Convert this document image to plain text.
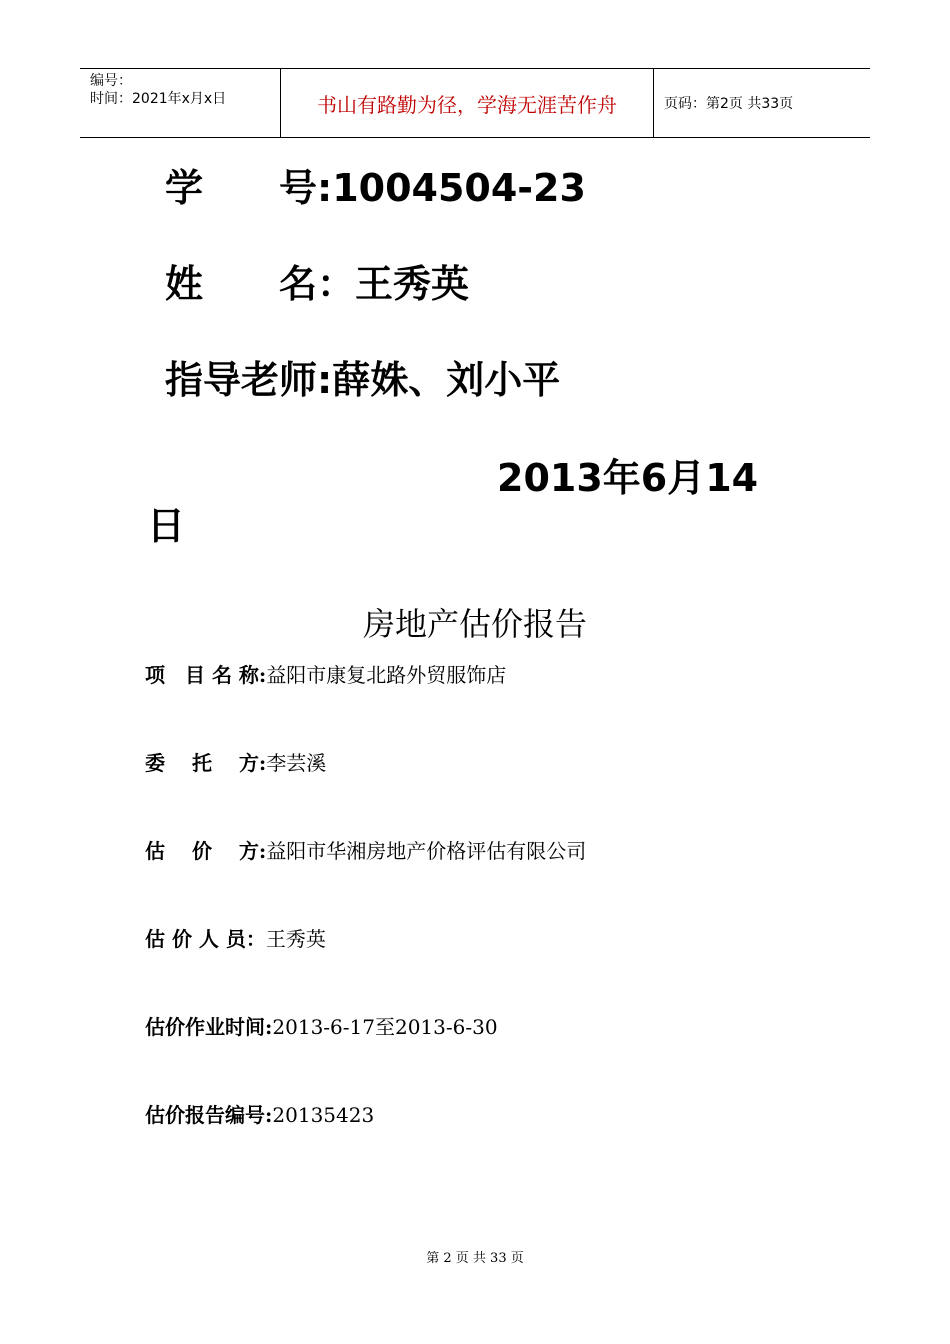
编号：
时间：2021年x月x日	书山有路勤为径，学海无涯苦作舟	页码：第2页 共33页
学　　号:1004504-23
姓　　名：王秀英
指导老师:薛姝、刘小平
2013年6月14
日
房地产估价报告
项　目 名 称: 益阳市康复北路外贸服饰店
委　 托　 方: 李芸溪
估　 价　 方: 益阳市华湘房地产价格评估有限公司
估 价 人 员： 王秀英
估价作业时间: 2013-6-17至2013-6-30
估价报告编号: 20135423
第 2 页 共 33 页
